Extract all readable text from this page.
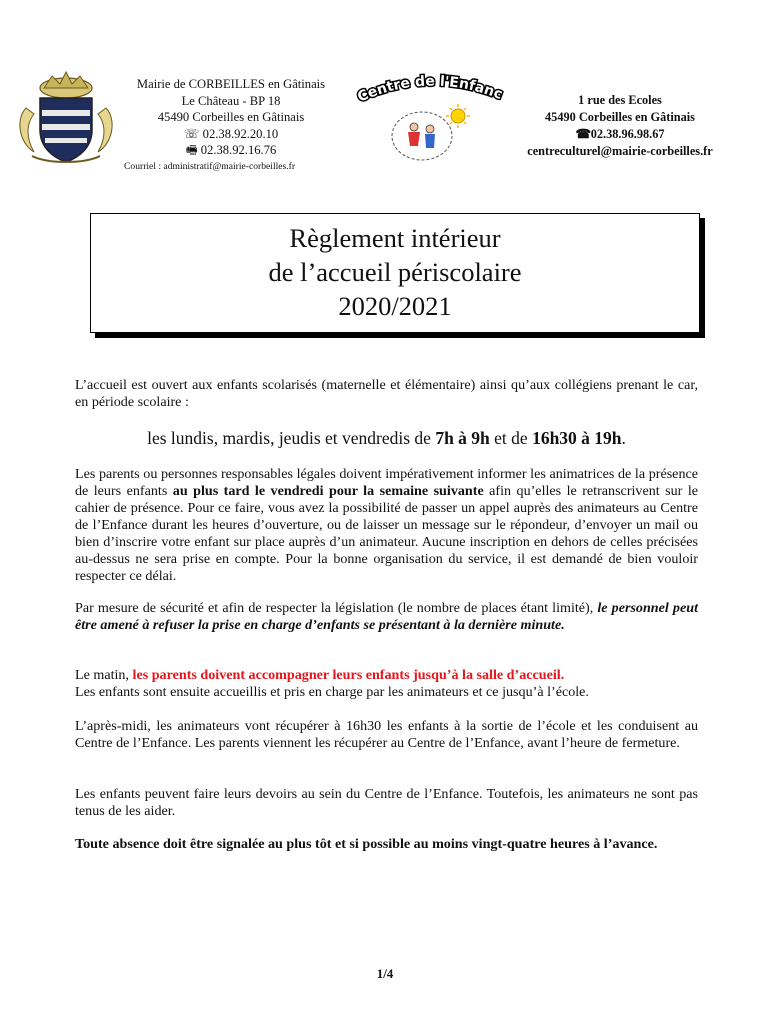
Mairie de CORBEILLES en Gâtinais
Le Château - BP 18
45490 Corbeilles en Gâtinais
☏ 02.38.92.20.10
🖷 02.38.92.16.76
Courriel : administratif@mairie-corbeilles.fr
Centre de l'Enfanc	1 rue des Ecoles
45490 Corbeilles en Gâtinais
☎02.38.96.98.67
centreculturel@mairie-corbeilles.fr
Règlement intérieur
de l’accueil périscolaire
2020/2021
L’accueil est ouvert aux enfants scolarisés (maternelle et élémentaire) ainsi qu’aux collégiens prenant le car, en période scolaire :
les lundis, mardis, jeudis et vendredis de 7h à 9h et de 16h30 à 19h.
Les parents ou personnes responsables légales doivent impérativement informer les animatrices de la présence de leurs enfants au plus tard le vendredi pour la semaine suivante afin qu’elles le retranscrivent sur le cahier de présence. Pour ce faire, vous avez la possibilité de passer un appel auprès des animateurs au Centre de l’Enfance durant les heures d’ouverture, ou de laisser un message sur le répondeur, d’envoyer un mail ou bien d’inscrire votre enfant sur place auprès d’un animateur. Aucune inscription en dehors de celles précisées au-dessus ne sera prise en compte. Pour la bonne organisation du service, il est demandé de bien vouloir respecter ce délai.
Par mesure de sécurité et afin de respecter la législation (le nombre de places étant limité), le personnel peut être amené à refuser la prise en charge d’enfants se présentant à la dernière minute.
Le matin, les parents doivent accompagner leurs enfants jusqu’à la salle d’accueil.
Les enfants sont ensuite accueillis et pris en charge par les animateurs et ce jusqu’à l’école.
L’après-midi, les animateurs vont récupérer à 16h30 les enfants à la sortie de l’école et les conduisent au Centre de l’Enfance. Les parents viennent les récupérer au Centre de l’Enfance, avant l’heure de fermeture.
Les enfants peuvent faire leurs devoirs au sein du Centre de l’Enfance. Toutefois, les animateurs ne sont pas tenus de les aider.
Toute absence doit être signalée au plus tôt et si possible au moins vingt-quatre heures à l’avance.
1/4
